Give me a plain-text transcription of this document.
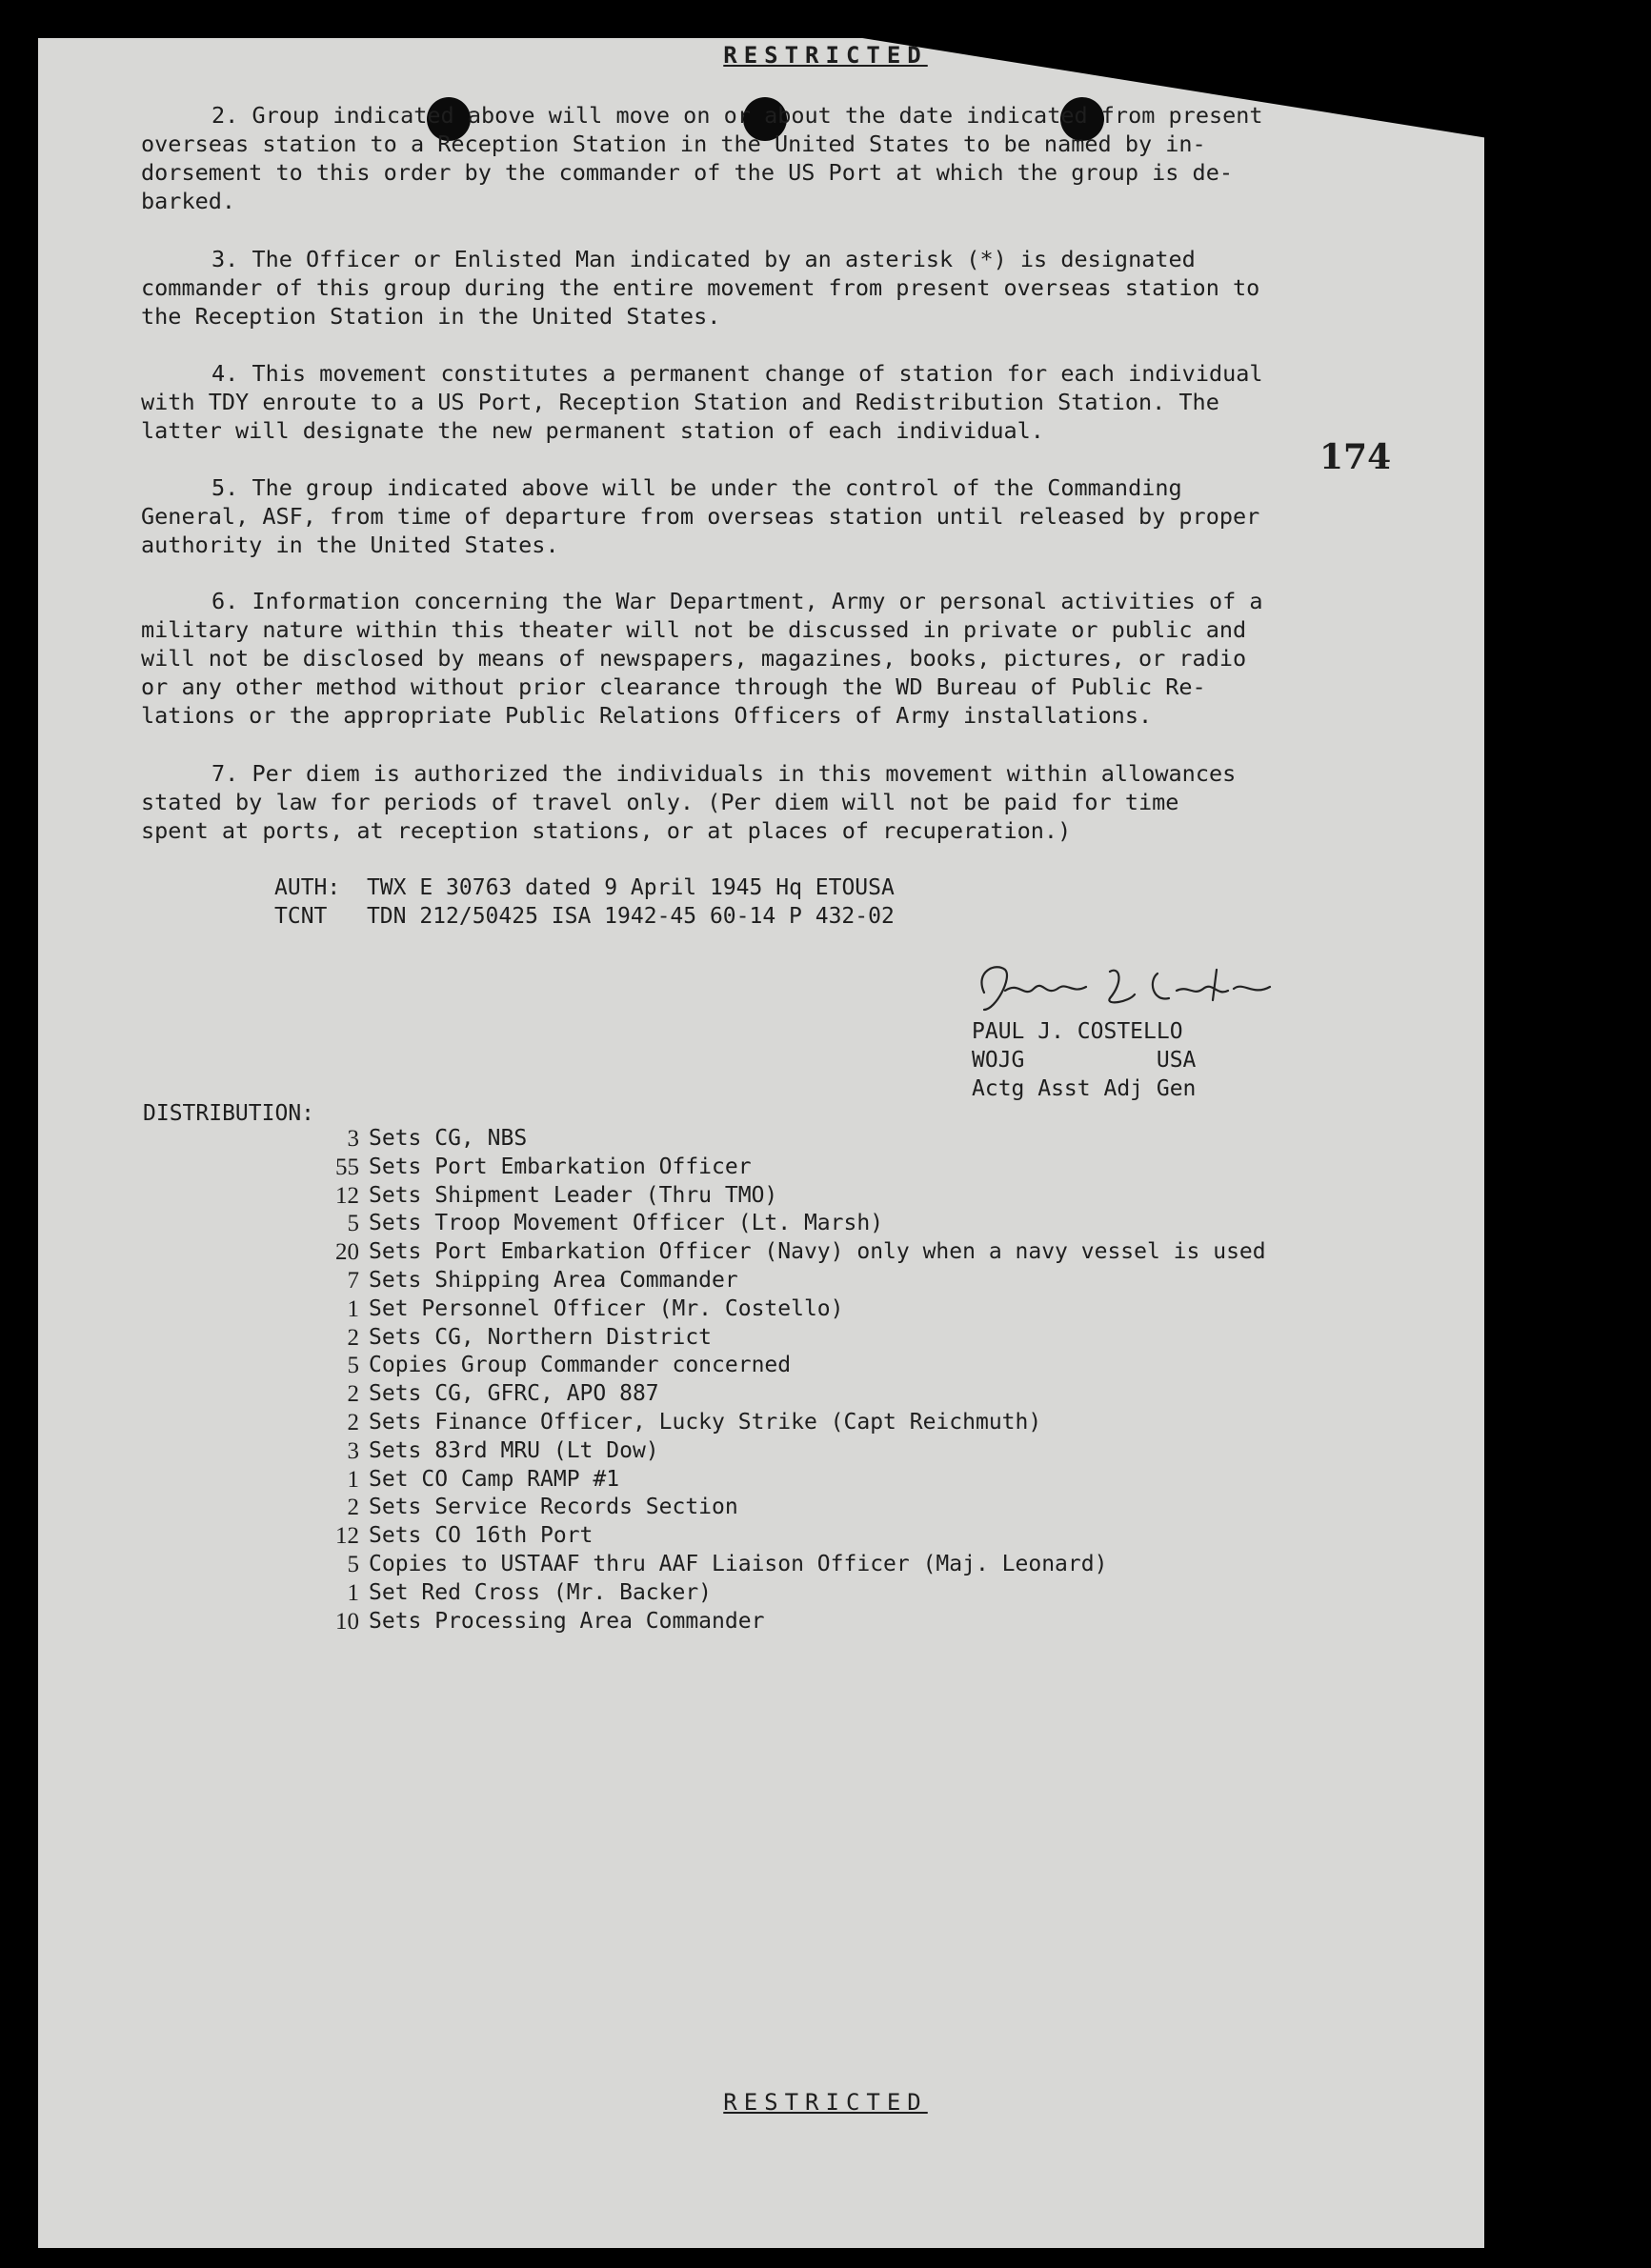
RESTRICTED
174
2. Group indicated above will move on or about the date indicated from present
overseas station to a Reception Station in the United States to be named by in-
dorsement to this order by the commander of the US Port at which the group is de-
barked.
3. The Officer or Enlisted Man indicated by an asterisk (*) is designated
commander of this group during the entire movement from present overseas station to
the Reception Station in the United States.
4. This movement constitutes a permanent change of station for each individual
with TDY enroute to a US Port, Reception Station and Redistribution Station. The
latter will designate the new permanent station of each individual.
5. The group indicated above will be under the control of the Commanding
General, ASF, from time of departure from overseas station until released by proper
authority in the United States.
6. Information concerning the War Department, Army or personal activities of a
military nature within this theater will not be discussed in private or public and
will not be disclosed by means of newspapers, magazines, books, pictures, or radio
or any other method without prior clearance through the WD Bureau of Public Re-
lations or the appropriate Public Relations Officers of Army installations.
7. Per diem is authorized the individuals in this movement within allowances
stated by law for periods of travel only. (Per diem will not be paid for time
spent at ports, at reception stations, or at places of recuperation.)
AUTH: TWX E 30763 dated 9 April 1945 Hq ETOUSA
TCNT TDN 212/50425 ISA 1942-45 60-14 P 432-02
PAUL J. COSTELLO
WOJG          USA
Actg Asst Adj Gen
DISTRIBUTION:
3 Sets CG, NBS
55 Sets Port Embarkation Officer
12 Sets Shipment Leader (Thru TMO)
5 Sets Troop Movement Officer (Lt. Marsh)
20 Sets Port Embarkation Officer (Navy) only when a navy vessel is used
7 Sets Shipping Area Commander
1 Set Personnel Officer (Mr. Costello)
2 Sets CG, Northern District
5 Copies Group Commander concerned
2 Sets CG, GFRC, APO 887
2 Sets Finance Officer, Lucky Strike (Capt Reichmuth)
3 Sets 83rd MRU (Lt Dow)
1 Set CO Camp RAMP #1
2 Sets Service Records Section
12 Sets CO 16th Port
5 Copies to USTAAF thru AAF Liaison Officer (Maj. Leonard)
1 Set Red Cross (Mr. Backer)
10 Sets Processing Area Commander
RESTRICTED
